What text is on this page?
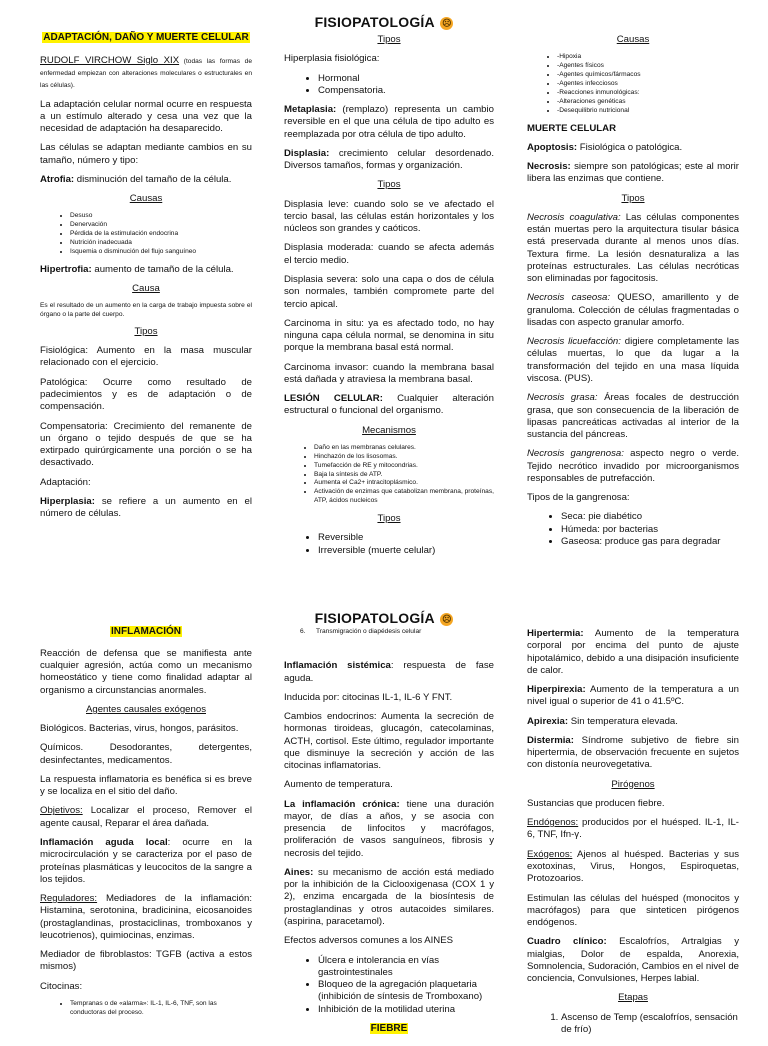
FISIOPATOLOGÍA ☹
ADAPTACIÓN, DAÑO Y MUERTE CELULAR

RUDOLF VIRCHOW Siglo XIX (todas las formas de enfermedad empiezan con alteraciones moleculares o estructurales en las células).

La adaptación celular normal ocurre en respuesta a un estímulo alterado y cesa una vez que la necesidad de adaptación ha desaparecido.

Las células se adaptan mediante cambios en su tamaño, número y tipo:

Atrofia: disminución del tamaño de la célula.

Causas
• Desuso
• Denervación
• Pérdida de la estimulación endocrina
• Nutrición inadecuada
• Isquemia o disminución del flujo sanguíneo

Hipertrofia: aumento de tamaño de la célula.

Causa

Es el resultado de un aumento en la carga de trabajo impuesta sobre el órgano o la parte del cuerpo.

Tipos

Fisiológica: Aumento en la masa muscular relacionado con el ejercicio.

Patológica: Ocurre como resultado de padecimientos y es de adaptación o de compensación.

Compensatoria: Crecimiento del remanente de un órgano o tejido después de que se ha extirpado quirúrgicamente una porción o se ha desactivado.

Adaptación:

Hiperplasia: se refiere a un aumento en el número de células.

Tipos

Hiperplasia fisiológica:

• Hormonal
• Compensatoria.

Metaplasia: (remplazo) representa un cambio reversible en el que una célula de tipo adulto es reemplazada por otra célula de tipo adulto.

Displasia: crecimiento celular desordenado. Diversos tamaños, formas y organización.

Tipos

Displasia leve: cuando solo se ve afectado el tercio basal, las células están horizontales y los núcleos son grandes y caóticos.

Displasia moderada: cuando se afecta además el tercio medio.

Displasia severa: solo una capa o dos de célula son normales, también compromete parte del tercio apical.

Carcinoma in situ: ya es afectado todo, no hay ninguna capa célula normal, se denomina in situ porque la membrana basal está normal.

Carcinoma invasor: cuando la membrana basal está dañada y atraviesa la membrana basal.

LESIÓN CELULAR: Cualquier alteración estructural o funcional del organismo.

Mecanismos
• Daño en las membranas celulares.
• Hinchazón de los lisosomas.
• Tumefacción de RE y mitocondrias.
• Baja la síntesis de ATP.
• Aumenta el Ca2+ intracitoplásmico.
• Activación de enzimas que catabolizan membrana, proteínas, ATP, ácidos nucleicos
Tipos
• Reversible
• Irreversible (muerte celular)
Causas
• -Hipoxia
• -Agentes físicos
• -Agentes químicos/fármacos
• -Agentes infecciosos
• -Reacciones inmunológicas:
• -Alteraciones genéticas
• -Desequilibrio nutricional

MUERTE CELULAR

Apoptosis: Fisiológica o patológica.

Necrosis: siempre son patológicas; este al morir libera las enzimas que contiene.

Tipos

Necrosis coagulativa: Las células componentes están muertas pero la arquitectura tisular básica está preservada durante al menos unos días. Textura firme. La lesión desnaturaliza a las proteínas estructurales. Las células necróticas son eliminadas por fagocitosis.

Necrosis caseosa: QUESO, amarillento y de granuloma. Colección de células fragmentadas o lisadas con aspecto granular amorfo.

Necrosis licuefacción: digiere completamente las células muertas, lo que da lugar a la transformación del tejido en una masa líquida viscosa. (PUS).

Necrosis grasa: Áreas focales de destrucción grasa, que son consecuencia de la liberación de lipasas pancreáticas activadas al interior de la sustancia del páncreas.

Necrosis gangrenosa: aspecto negro o verde. Tejido necrótico invadido por microorganismos responsables de putrefacción.

Tipos de la gangrenosa:

• Seca: pie diabético
• Húmeda: por bacterias
• Gaseosa: produce gas para degradar
FISIOPATOLOGÍA ☹
INFLAMACIÓN

Reacción de defensa que se manifiesta ante cualquier agresión, actúa como un mecanismo homeostático y tiene como finalidad adaptar al organismo a circunstancias anormales.

Agentes causales exógenos

Biológicos. Bacterias, virus, hongos, parásitos.

Químicos. Desodorantes, detergentes, desinfectantes, medicamentos.

La respuesta inflamatoria es benéfica si es breve y se localiza en el sitio del daño.

Objetivos: Localizar el proceso, Remover el agente causal, Reparar el área dañada.

Inflamación aguda local: ocurre en la microcirculación y se caracteriza por el paso de proteínas plasmáticas y leucocitos de la sangre a los tejidos.

Reguladores: Mediadores de la inflamación: Histamina, serotonina, bradicinina, eicosanoides (prostaglandinas, prostaciclinas, tromboxanos y leucotrienos), quimiocinas, enzimas.

Mediador de fibroblastos: TGFB (activa a estos mismos)

Citocinas:

• Tempranas o de «alarma»: IL-1, IL-6, TNF, son las conductoras del proceso.

6. Transmigración o diapédesis celular

Inflamación sistémica: respuesta de fase aguda.

Inducida por: citocinas IL-1, IL-6 Y FNT.

Cambios endocrinos: Aumenta la secreción de hormonas tiroideas, glucagón, catecolaminas, ACTH, cortisol. Este último, regulador importante que disminuye la secreción y acción de las citocinas inflamatorias.

Aumento de temperatura.

La inflamación crónica: tiene una duración mayor, de días a años, y se asocia con presencia de linfocitos y macrófagos, proliferación de vasos sanguíneos, fibrosis y necrosis del tejido.

Aines: su mecanismo de acción está mediado por la inhibición de la Ciclooxigenasa (COX 1 y 2), enzima encargada de la biosíntesis de prostaglandinas y otros autacoides similares. (aspirina, paracetamol).

Efectos adversos comunes a los AINES

• Úlcera e intolerancia en vías gastrointestinales
• Bloqueo de la agregación plaquetaria (inhibición de síntesis de Tromboxano)
• Inhibición de la motilidad uterina
FIEBRE

Hipertermia: Aumento de la temperatura corporal por encima del punto de ajuste hipotalámico, debido a una disipación insuficiente de calor.

Hiperpirexia: Aumento de la temperatura a un nivel igual o superior de 41 o 41.5ºC.

Apirexia: Sin temperatura elevada.

Distermia: Síndrome subjetivo de fiebre sin hipertermia, de observación frecuente en sujetos con distonía neurovegetativa.

Pirógenos

Sustancias que producen fiebre.

Endógenos: producidos por el huésped. IL-1, IL-6, TNF, Ifn-γ.

Exógenos: Ajenos al huésped. Bacterias y sus exotoxinas, Virus, Hongos, Espiroquetas, Protozoarios.

Estimulan las células del huésped (monocitos y macrófagos) para que sinteticen pirógenos endógenos.

Cuadro clínico: Escalofríos, Artralgias y mialgias, Dolor de espalda, Anorexia, Somnolencia, Sudoración, Cambios en el nivel de conciencia, Convulsiones, Herpes labial.

Etapas
1. Ascenso de Temp (escalofríos, sensación de frío)
